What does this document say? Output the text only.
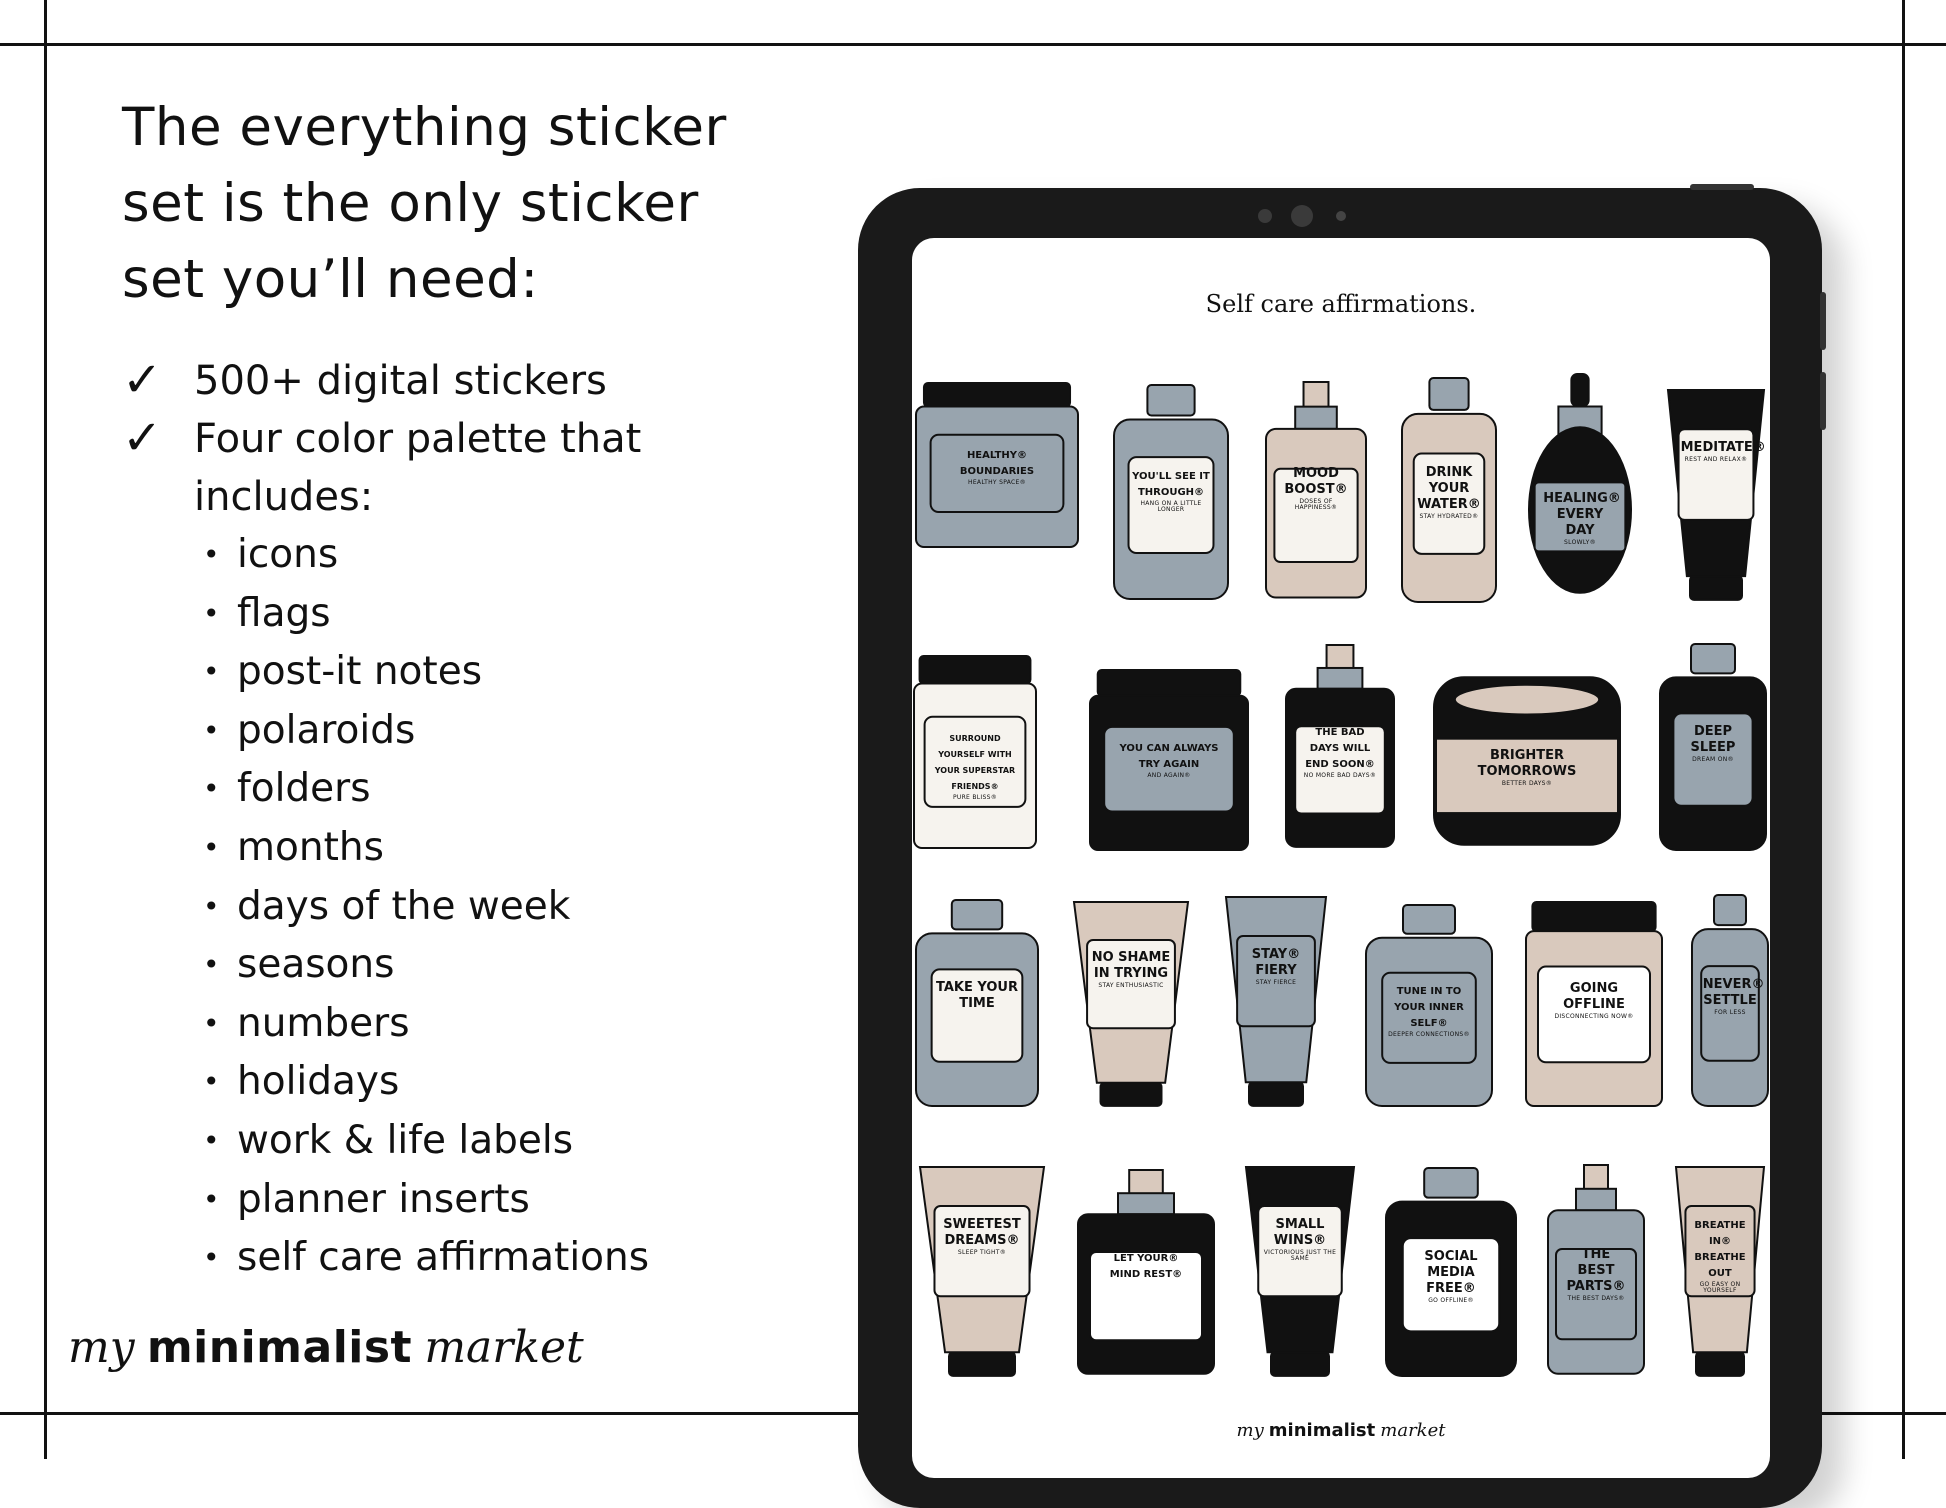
The everything sticker set is the only sticker set you’ll need:
✓ 500+ digital stickers
✓ Four color palette that includes:
• icons
• flags
• post-it notes
• polaroids
• folders
• months
• days of the week
• seasons
• numbers
• holidays
• work & life labels
• planner inserts
• self care affirmations
my minimalist market
Self care affirmations.
HEALTHY® BOUNDARIES
HEALTHY SPACE®
YOU'LL SEE IT THROUGH®
HANG ON A LITTLE LONGER
MOOD BOOST®
DOSES OF HAPPINESS®
DRINK YOUR WATER®
STAY HYDRATED®
HEALING® EVERY DAY
SLOWLY®
MEDITATE®
REST AND RELAX®
SURROUND YOURSELF WITH YOUR SUPERSTAR FRIENDS®
PURE BLISS®
YOU CAN ALWAYS TRY AGAIN
AND AGAIN®
THE BAD DAYS WILL END SOON®
NO MORE BAD DAYS®
BRIGHTER TOMORROWS
BETTER DAYS®
DEEP SLEEP
DREAM ON®
TAKE YOUR TIME
NO SHAME IN TRYING
STAY ENTHUSIASTIC
STAY® FIERY
STAY FIERCE
TUNE IN TO YOUR INNER SELF®
DEEPER CONNECTIONS®
GOING OFFLINE
DISCONNECTING NOW®
NEVER® SETTLE
FOR LESS
SWEETEST DREAMS®
SLEEP TIGHT®
LET YOUR® MIND REST®
SMALL WINS®
VICTORIOUS JUST THE SAME	SOCIAL MEDIA FREE®
GO OFFLINE®
THE BEST PARTS®
THE BEST DAYS®
BREATHE IN® BREATHE OUT
GO EASY ON YOURSELF
my minimalist market
